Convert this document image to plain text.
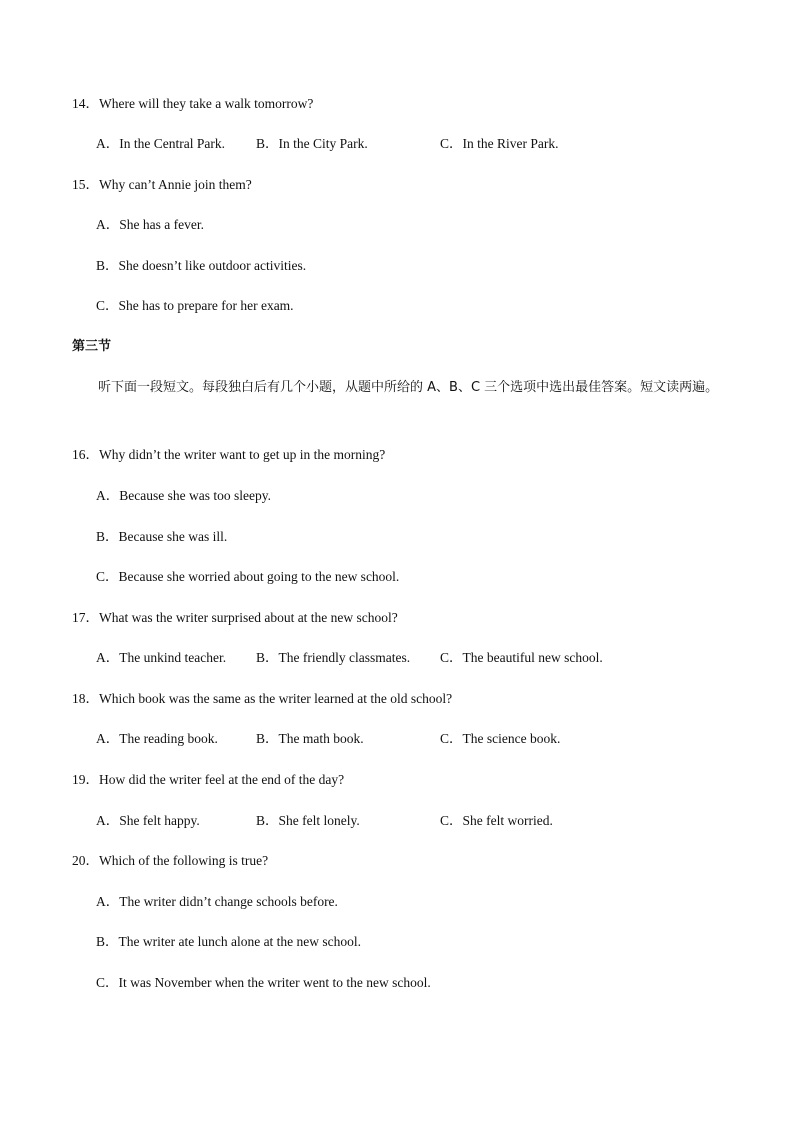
14．Where will they take a walk tomorrow?
A．In the Central Park. B．In the City Park.	C．In the River Park.
15．Why can’t Annie join them?
A．She has a fever.
B．She doesn’t like outdoor activities.
C．She has to prepare for her exam.
第三节
听下面一段短文。每段独白后有几个小题，从题中所给的 A、B、C 三个选项中选出最佳答案。短文读两遍。
16．Why didn’t the writer want to get up in the morning?
A．Because she was too sleepy.
B．Because she was ill.
C．Because she worried about going to the new school.
17．What was the writer surprised about at the new school?
A．The unkind teacher. B．The friendly classmates. C．The beautiful new school.
18．Which book was the same as the writer learned at the old school?
A．The reading book.	B．The math book.	C．The science book.
19．How did the writer feel at the end of the day?
A．She felt happy.	B．She felt lonely.	C．She felt worried.
20．Which of the following is true?
A．The writer didn’t change schools before.
B．The writer ate lunch alone at the new school.
C．It was November when the writer went to the new school.
